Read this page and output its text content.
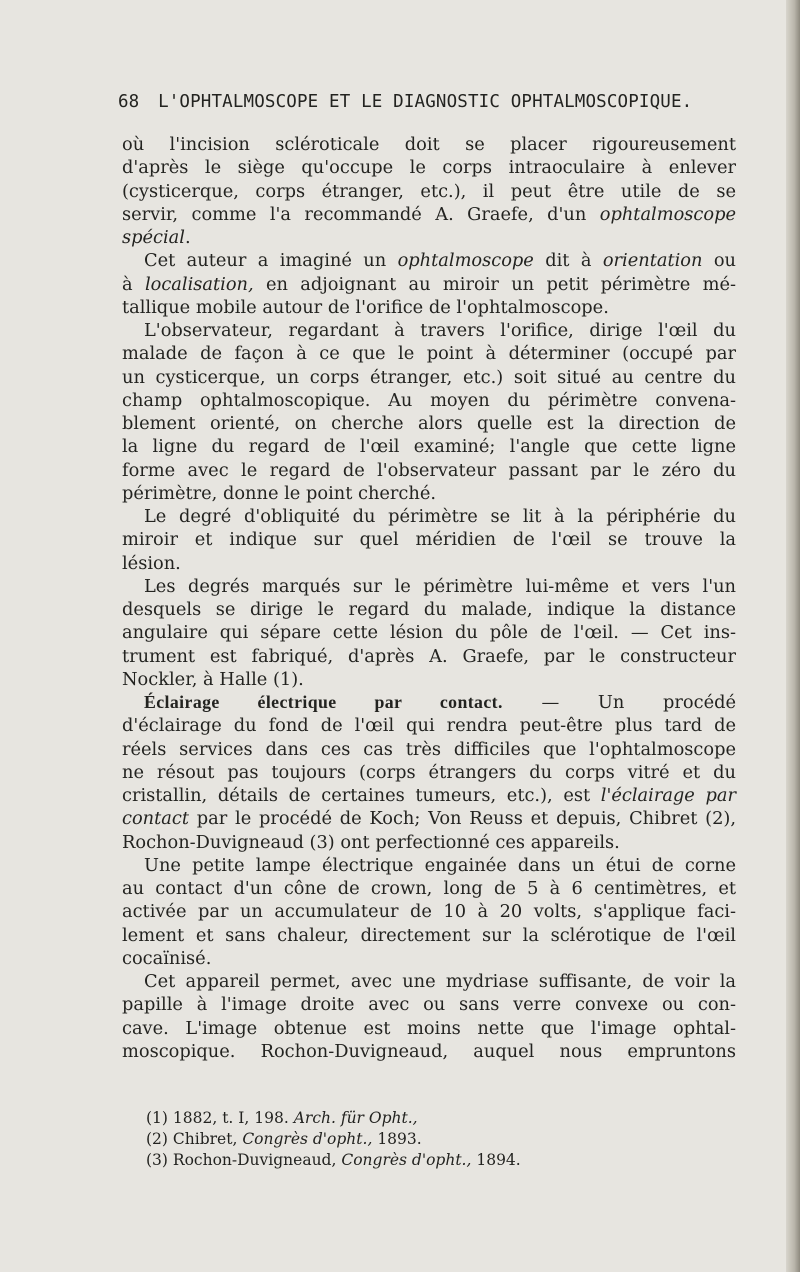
68 L'OPHTALMOSCOPE ET LE DIAGNOSTIC OPHTALMOSCOPIQUE.

où l'incision scléroticale doit se placer rigoureusement

d'après le siège qu'occupe le corps intraoculaire à enlever

(cysticerque, corps étranger, etc.), il peut être utile de se

servir, comme l'a recommandé A. Graefe, d'un ophtalmoscope

spécial.

Cet auteur a imaginé un ophtalmoscope dit à orientation ou

à localisation, en adjoignant au miroir un petit périmètre mé-

tallique mobile autour de l'orifice de l'ophtalmoscope.

L'observateur, regardant à travers l'orifice, dirige l'œil du

malade de façon à ce que le point à déterminer (occupé par

un cysticerque, un corps étranger, etc.) soit situé au centre du

champ ophtalmoscopique. Au moyen du périmètre convena-

blement orienté, on cherche alors quelle est la direction de

la ligne du regard de l'œil examiné; l'angle que cette ligne

forme avec le regard de l'observateur passant par le zéro du

périmètre, donne le point cherché.

Le degré d'obliquité du périmètre se lit à la périphérie du

miroir et indique sur quel méridien de l'œil se trouve la

lésion.

Les degrés marqués sur le périmètre lui-même et vers l'un

desquels se dirige le regard du malade, indique la distance

angulaire qui sépare cette lésion du pôle de l'œil. — Cet ins-

trument est fabriqué, d'après A. Graefe, par le constructeur

Nockler, à Halle (1).

Éclairage électrique par contact. — Un procédé

d'éclairage du fond de l'œil qui rendra peut-être plus tard de

réels services dans ces cas très difficiles que l'ophtalmoscope

ne résout pas toujours (corps étrangers du corps vitré et du

cristallin, détails de certaines tumeurs, etc.), est l'éclairage par

contact par le procédé de Koch; Von Reuss et depuis, Chibret (2),

Rochon-Duvigneaud (3) ont perfectionné ces appareils.

Une petite lampe électrique engainée dans un étui de corne

au contact d'un cône de crown, long de 5 à 6 centimètres, et

activée par un accumulateur de 10 à 20 volts, s'applique faci-

lement et sans chaleur, directement sur la sclérotique de l'œil

cocaïnisé.

Cet appareil permet, avec une mydriase suffisante, de voir la

papille à l'image droite avec ou sans verre convexe ou con-

cave. L'image obtenue est moins nette que l'image ophtal-

moscopique. Rochon-Duvigneaud, auquel nous empruntons

(1) 1882, t. I, 198. Arch. für Opht.,
(2) Chibret, Congrès d'opht., 1893.
(3) Rochon-Duvigneaud, Congrès d'opht., 1894.
